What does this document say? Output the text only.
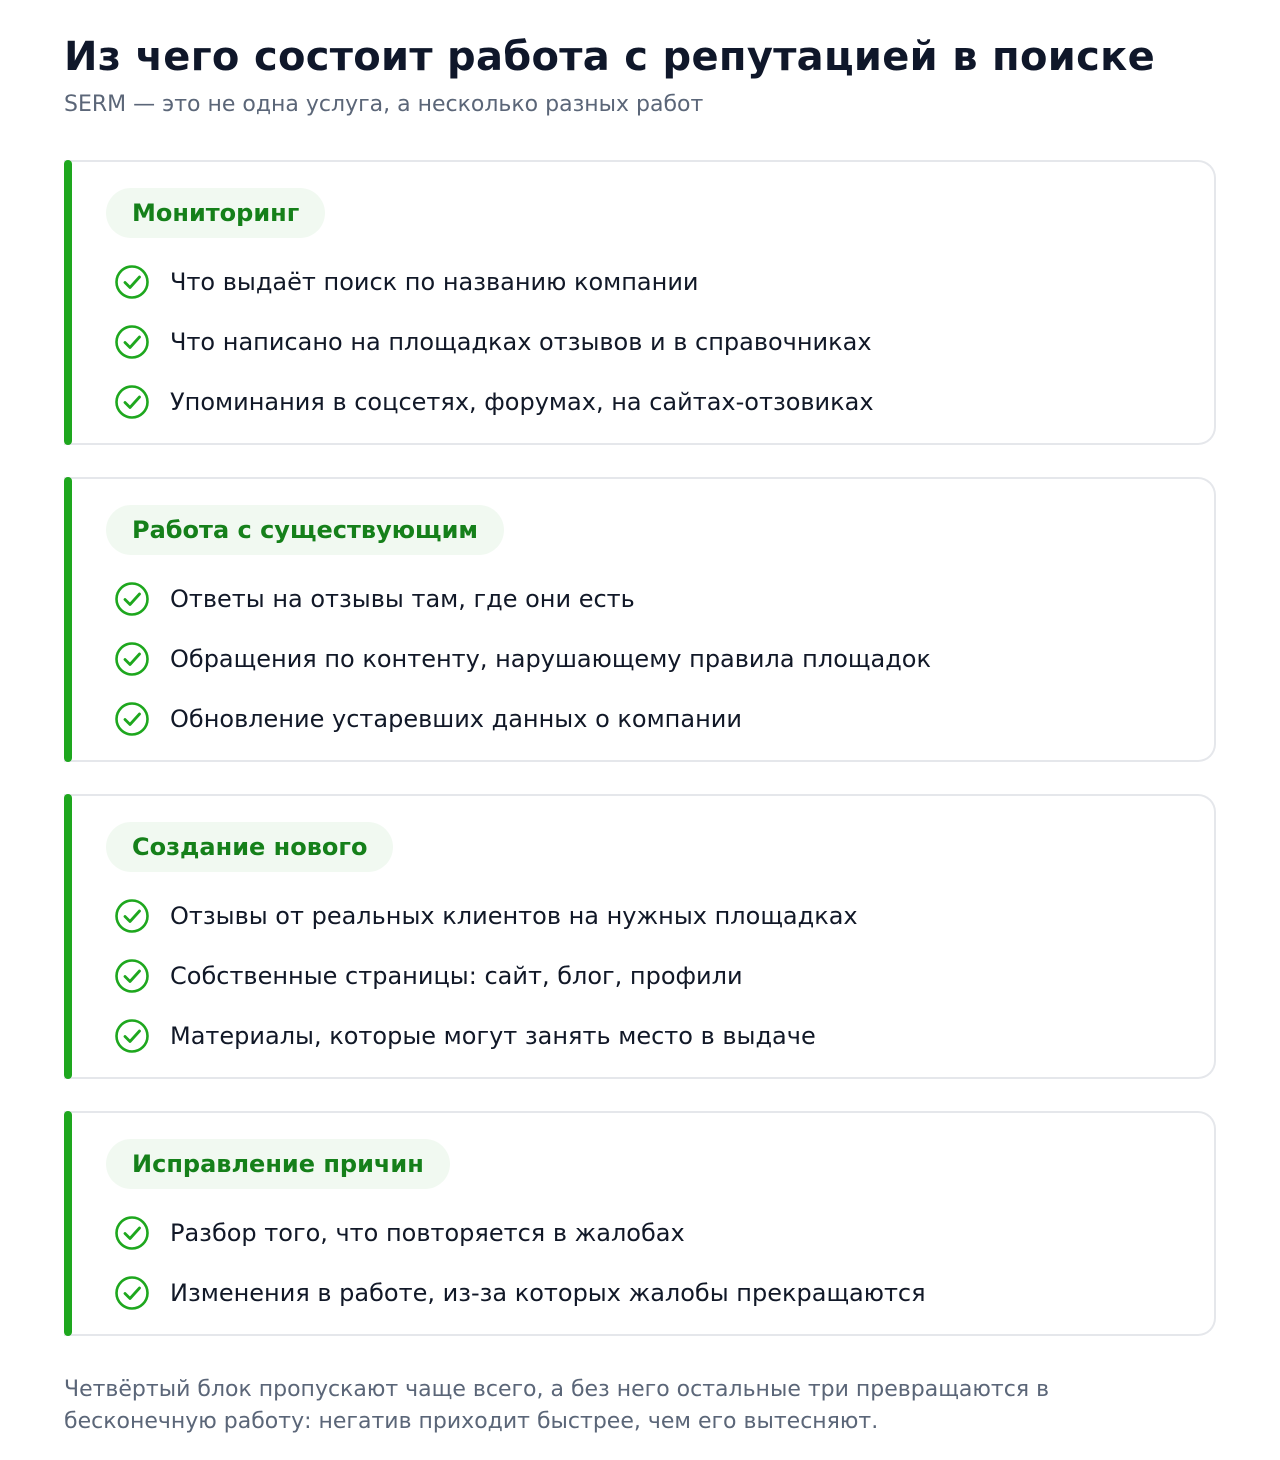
Из чего состоит работа с репутацией в поиске
SERM — это не одна услуга, а несколько разных работ
Мониторинг
Что выдаёт поиск по названию компании
Что написано на площадках отзывов и в справочниках
Упоминания в соцсетях, форумах, на сайтах-отзовиках
Работа с существующим
Ответы на отзывы там, где они есть
Обращения по контенту, нарушающему правила площадок
Обновление устаревших данных о компании
Создание нового
Отзывы от реальных клиентов на нужных площадках
Собственные страницы: сайт, блог, профили
Материалы, которые могут занять место в выдаче
Исправление причин
Разбор того, что повторяется в жалобах
Изменения в работе, из-за которых жалобы прекращаются

Четвёртый блок пропускают чаще всего, а без него остальные три превращаются в бесконечную работу: негатив приходит быстрее, чем его вытесняют.
